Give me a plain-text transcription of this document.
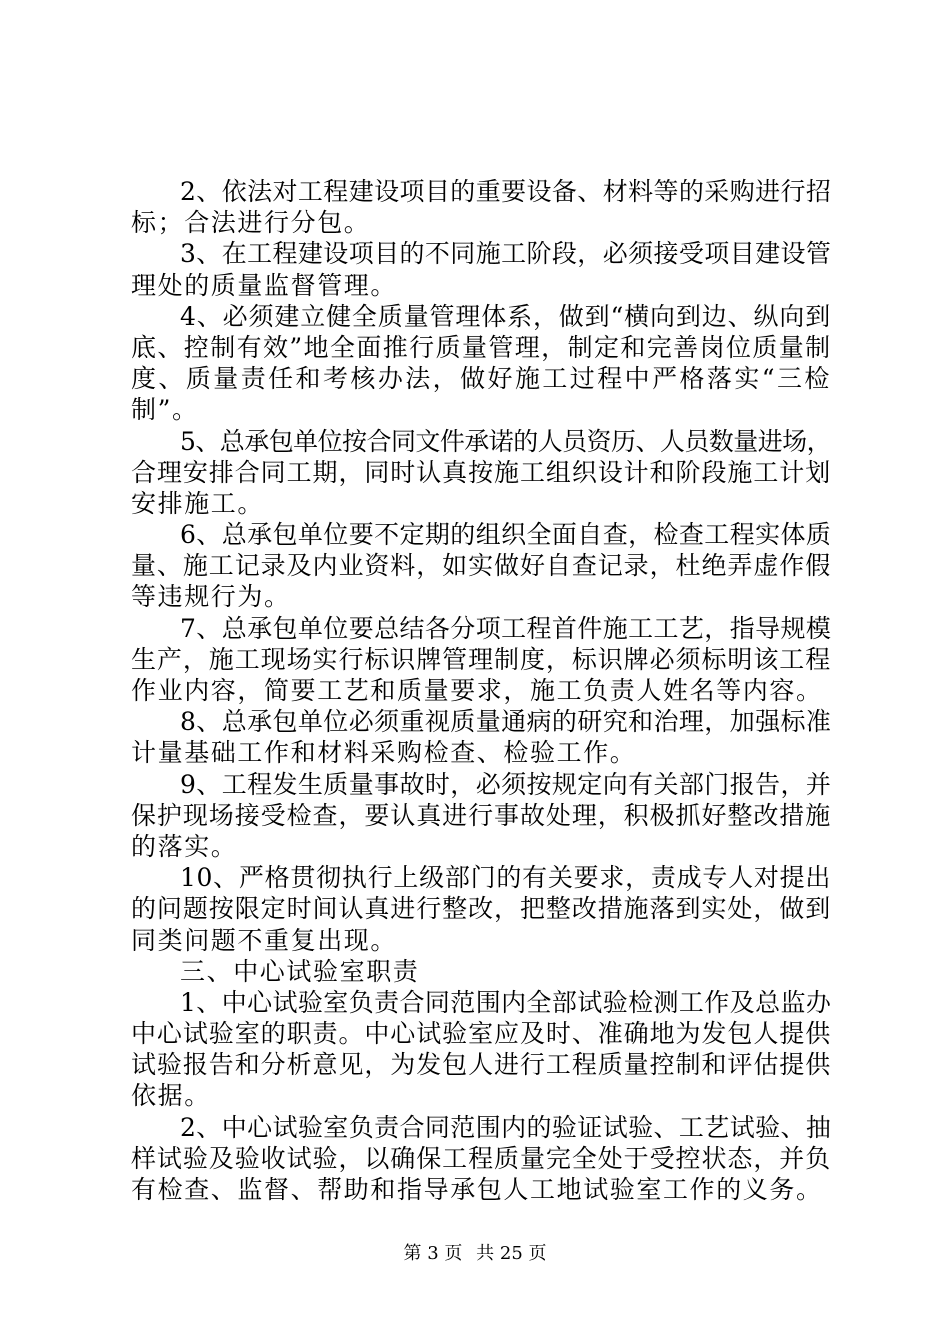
2、依法对工程建设项目的重要设备、材料等的采购进行招
标；合法进行分包。
3、在工程建设项目的不同施工阶段，必须接受项目建设管
理处的质量监督管理。
4、必须建立健全质量管理体系，做到“横向到边、纵向到
底、控制有效”地全面推行质量管理，制定和完善岗位质量制
度、质量责任和考核办法，做好施工过程中严格落实“三检
制”。
5、总承包单位按合同文件承诺的人员资历、人员数量进场，
合理安排合同工期，同时认真按施工组织设计和阶段施工计划
安排施工。
6、总承包单位要不定期的组织全面自查，检查工程实体质
量、施工记录及内业资料，如实做好自查记录，杜绝弄虚作假
等违规行为。
7、总承包单位要总结各分项工程首件施工工艺，指导规模
生产，施工现场实行标识牌管理制度，标识牌必须标明该工程
作业内容，简要工艺和质量要求，施工负责人姓名等内容。
8、总承包单位必须重视质量通病的研究和治理，加强标准
计量基础工作和材料采购检查、检验工作。
9、工程发生质量事故时，必须按规定向有关部门报告，并
保护现场接受检查，要认真进行事故处理，积极抓好整改措施
的落实。
10、严格贯彻执行上级部门的有关要求，责成专人对提出
的问题按限定时间认真进行整改，把整改措施落到实处，做到
同类问题不重复出现。
三、中心试验室职责
1、中心试验室负责合同范围内全部试验检测工作及总监办
中心试验室的职责。中心试验室应及时、准确地为发包人提供
试验报告和分析意见，为发包人进行工程质量控制和评估提供
依据。
2、中心试验室负责合同范围内的验证试验、工艺试验、抽
样试验及验收试验，以确保工程质量完全处于受控状态，并负
有检查、监督、帮助和指导承包人工地试验室工作的义务。
第 3 页 共 25 页
